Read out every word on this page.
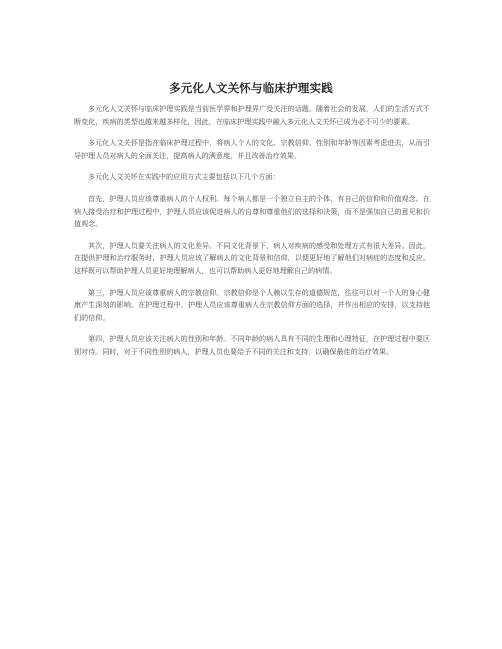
多元化人文关怀与临床护理实践

多元化人文关怀与临床护理实践是当前医学界和护理界广受关注的话题。随着社会的发展，人们的生活方式不断变化，疾病的类型也越来越多样化，因此，在临床护理实践中融入多元化人文关怀已成为必不可少的要素。

多元化人文关怀是指在临床护理过程中，将病人个人的文化、宗教信仰、性别和年龄等因素考虑进去，从而引导护理人员对病人的全面关注，提高病人的满意度，并且改善治疗效果。

多元化人文关怀在实践中的应用方式主要包括以下几个方面：

首先，护理人员应该尊重病人的个人权利。每个病人都是一个独立自主的个体，有自己的信仰和价值观念。在病人接受治疗和护理过程中，护理人员应该促进病人的自尊和尊重他们的选择和决策，而不是强加自己的意见和价值观念。

其次，护理人员要关注病人的文化差异。不同文化背景下，病人对疾病的感受和处理方式有很大差异。因此，在提供护理和治疗服务时，护理人员应该了解病人的文化背景和信仰，以便更好地了解他们对病症的态度和反应。这样既可以帮助护理人员更好地理解病人，也可以帮助病人更好地理解自己的病情。

第三，护理人员应该尊重病人的宗教信仰。宗教信仰是个人赖以生存的道德规范，往往可以对一个人的身心健康产生深刻的影响。在护理过程中，护理人员应该尊重病人在宗教信仰方面的选择，并作出相应的安排，以支持他们的信仰。

第四，护理人员应该关注病人的性别和年龄。不同年龄的病人具有不同的生理和心理特征，在护理过程中要区别对待。同时，对于不同性别的病人，护理人员也要给予不同的关注和支持，以确保最佳的治疗效果。
